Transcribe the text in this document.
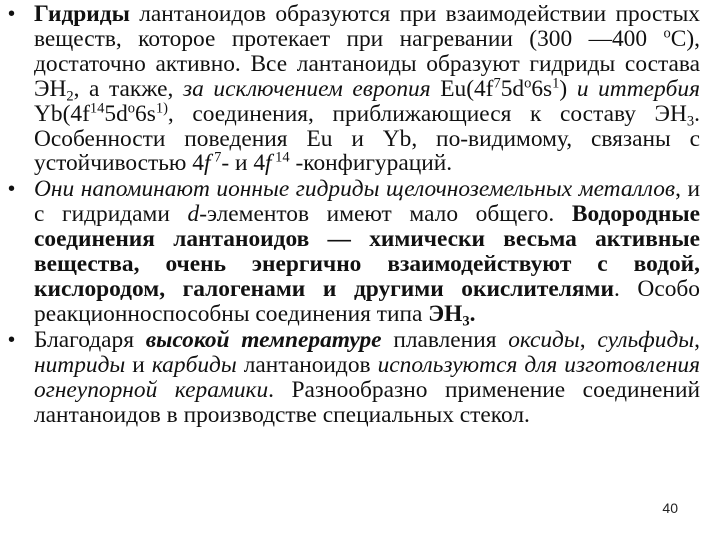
• Гидриды лантаноидов образуются при взаимодействии простых веществ, которое протекает при нагревании (300 —400 $^o$С), достаточно активно. Все лантаноиды образуют гидриды состава $ЭН_2$, а также, за исключением европия $Eu(4f^75d^o6s^1)$ и иттербия $Yb(4f^{14}5d^o6s^{1)}$, соединения, приближающиеся к составу $ЭН_3$. Особенности поведения Eu и Yb, по-видимому, связаны с устойчивостью 4f $^7$- и 4f $^{14}$ -конфигураций.
• Они напоминают ионные гидриды щелочноземельных металлов, и с гидридами d-элементов имеют мало общего. Водородные соединения лантаноидов — химически весьма активные вещества, очень энергично взаимодействуют с водой, кислородом, галогенами и другими окислителями. Особо реакционноспособны соединения типа $ЭН_3$.
• Благодаря высокой температуре плавления оксиды, сульфиды, нитриды и карбиды лантаноидов используются для изготовления огнеупорной керамики. Разнообразно применение соединений лантаноидов в производстве специальных стекол.
40
